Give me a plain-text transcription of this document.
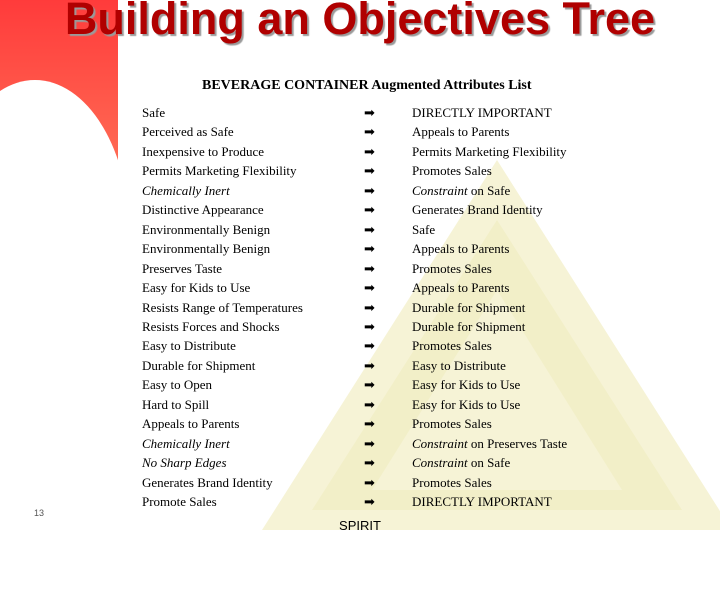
Building an Objectives Tree
BEVERAGE CONTAINER Augmented Attributes List
Safe	➡	DIRECTLY IMPORTANT
Perceived as Safe	➡	Appeals to Parents
Inexpensive to Produce	➡	Permits Marketing Flexibility
Permits Marketing Flexibility	➡	Promotes Sales
Chemically Inert	➡	Constraint on Safe
Distinctive Appearance	➡	Generates Brand Identity
Environmentally Benign	➡	Safe
Environmentally Benign	➡	Appeals to Parents
Preserves Taste	➡	Promotes Sales
Easy for Kids to Use	➡	Appeals to Parents
Resists Range of Temperatures	➡	Durable for Shipment
Resists Forces and Shocks	➡	Durable for Shipment
Easy to Distribute	➡	Promotes Sales
Durable for Shipment	➡	Easy to Distribute
Easy to Open	➡	Easy for Kids to Use
Hard to Spill	➡	Easy for Kids to Use
Appeals to Parents	➡	Promotes Sales
Chemically Inert	➡	Constraint on Preserves Taste
No Sharp Edges	➡	Constraint on Safe
Generates Brand Identity	➡	Promotes Sales
Promote Sales	➡	DIRECTLY IMPORTANT
13
SPIRIT
